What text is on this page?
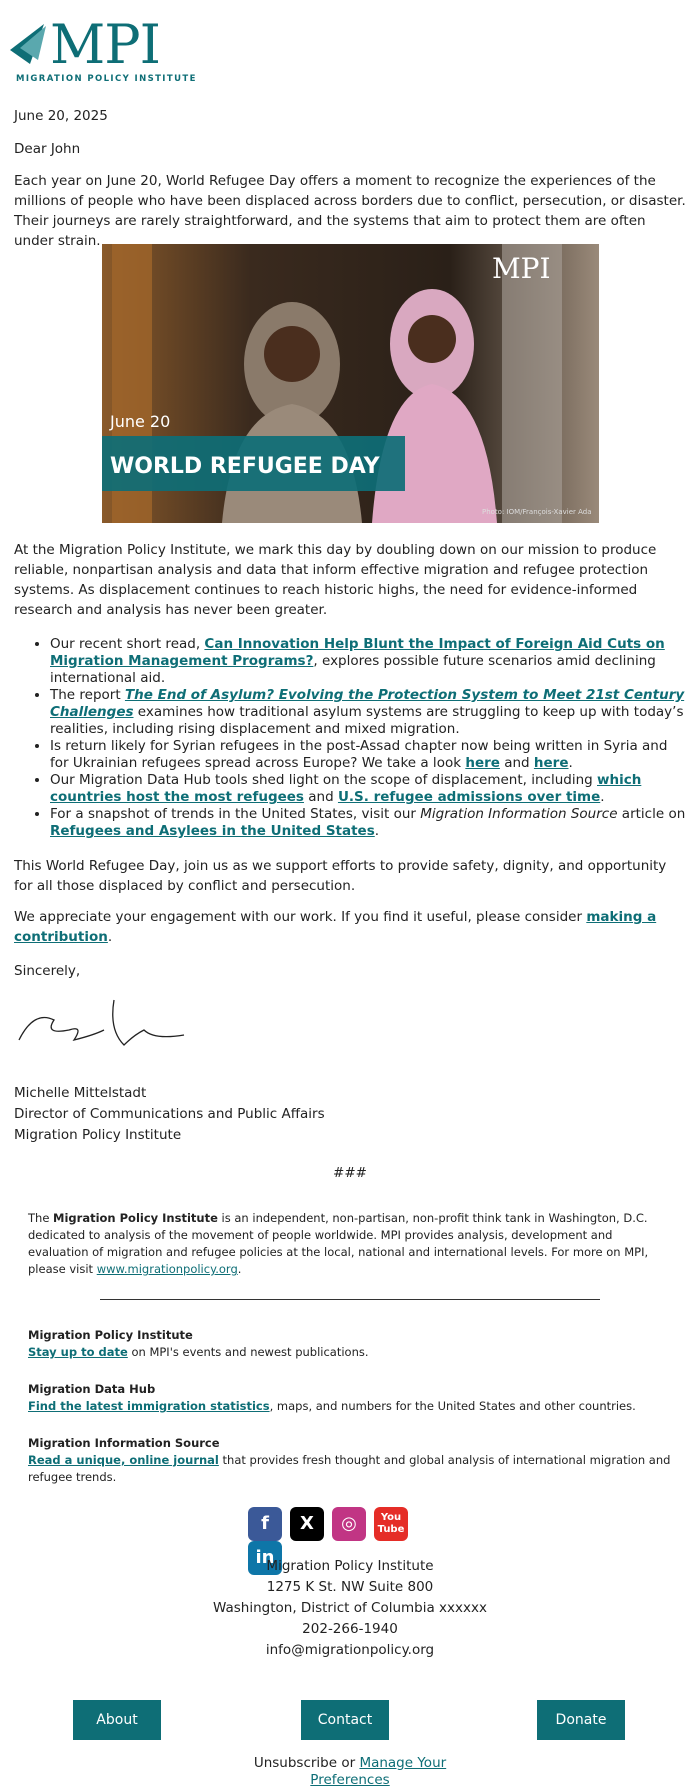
MPI
MIGRATION POLICY INSTITUTE
June 20, 2025
Dear John

Each year on June 20, World Refugee Day offers a moment to recognize the experiences of the millions of people who have been displaced across borders due to conflict, persecution, or disaster. Their journeys are rarely straightforward, and the systems that aim to protect them are often under strain.

MPI
June 20
WORLD REFUGEE DAY
Photo: IOM/François-Xavier Ada

At the Migration Policy Institute, we mark this day by doubling down on our mission to produce reliable, nonpartisan analysis and data that inform effective migration and refugee protection systems. As displacement continues to reach historic highs, the need for evidence-informed research and analysis has never been greater.

• Our recent short read, Can Innovation Help Blunt the Impact of Foreign Aid Cuts on Migration Management Programs?, explores possible future scenarios amid declining international aid.
• The report The End of Asylum? Evolving the Protection System to Meet 21st Century Challenges examines how traditional asylum systems are struggling to keep up with today’s realities, including rising displacement and mixed migration.
• Is return likely for Syrian refugees in the post-Assad chapter now being written in Syria and for Ukrainian refugees spread across Europe? We take a look here and here.
• Our Migration Data Hub tools shed light on the scope of displacement, including which countries host the most refugees and U.S. refugee admissions over time.
• For a snapshot of trends in the United States, visit our Migration Information Source article on Refugees and Asylees in the United States.

This World Refugee Day, join us as we support efforts to provide safety, dignity, and opportunity for all those displaced by conflict and persecution.

We appreciate your engagement with our work. If you find it useful, please consider making a contribution.

Sincerely,
Michelle Mittelstadt
Director of Communications and Public Affairs
Migration Policy Institute
###

The Migration Policy Institute is an independent, non-partisan, non-profit think tank in Washington, D.C. dedicated to analysis of the movement of people worldwide. MPI provides analysis, development and evaluation of migration and refugee policies at the local, national and international levels. For more on MPI, please visit www.migrationpolicy.org.

Migration Policy Institute
Stay up to date on MPI's events and newest publications.
Migration Data Hub
Find the latest immigration statistics, maps, and numbers for the United States and other countries.
Migration Information Source
Read a unique, online journal that provides fresh thought and global analysis of international migration and refugee trends.
f X ◎ You Tubein
Migration Policy Institute
1275 K St. NW Suite 800
Washington, District of Columbia xxxxxx
202-266-1940
info@migrationpolicy.org
About	Contact	Donate
Unsubscribe or Manage Your
Preferences
